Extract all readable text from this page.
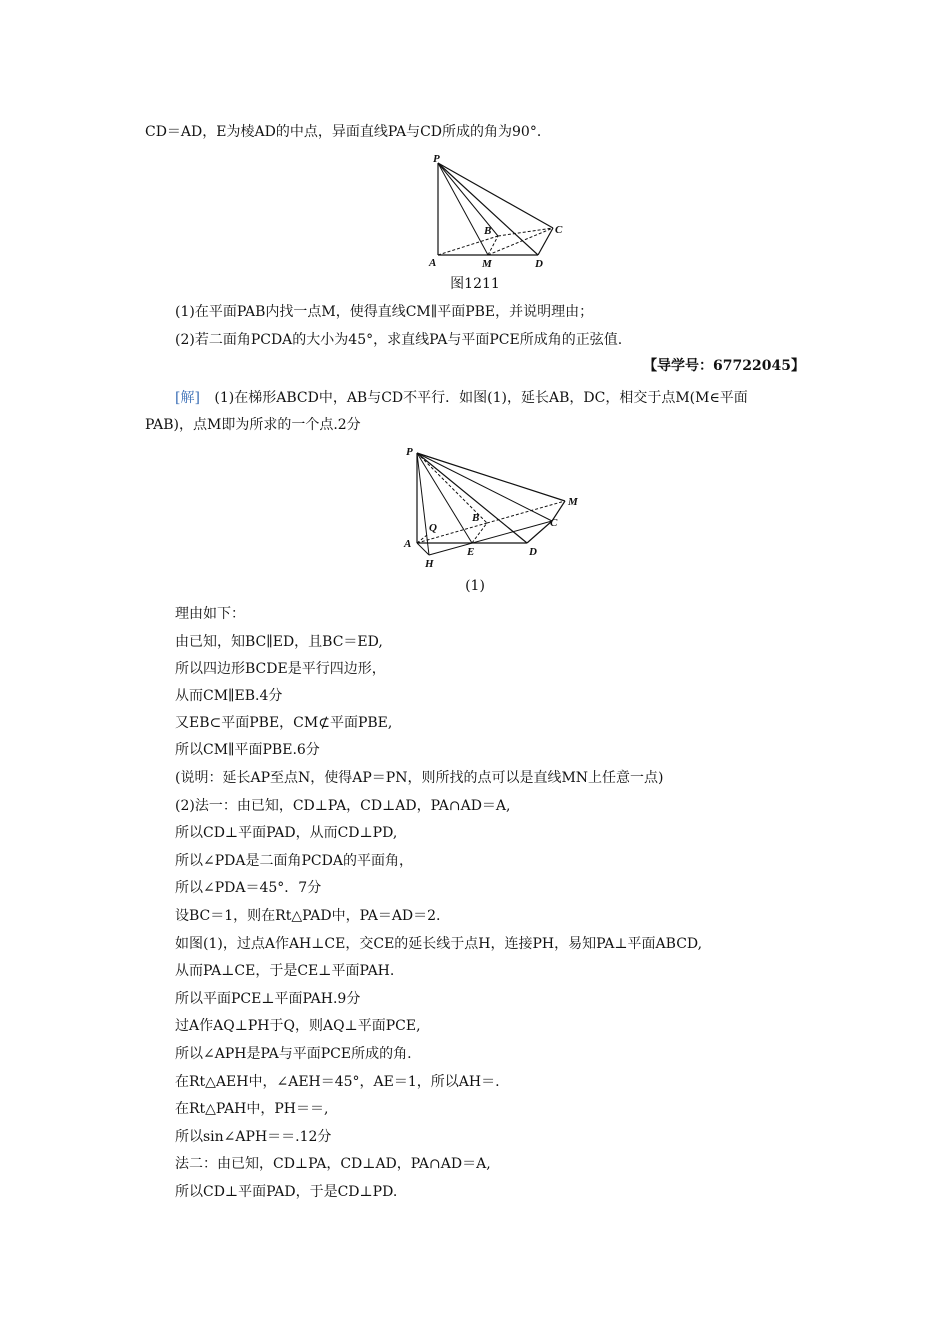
CD＝AD，E为棱AD的中点，异面直线PA与CD所成的角为90°．
P
B	C
A	M	D
图1211
(1)在平面PAB内找一点M，使得直线CM∥平面PBE，并说明理由；
(2)若二面角PCDA的大小为45°，求直线PA与平面PCE所成角的正弦值.
【导学号：67722045】
[解] (1)在梯形ABCD中，AB与CD不平行．如图(1)，延长AB，DC，相交于点M(M∈平面
PAB)，点M即为所求的一个点.2分
P
M
B	C
Q
A
E	D
H
(1)
理由如下：
由已知，知BC∥ED，且BC＝ED,
所以四边形BCDE是平行四边形，
从而CM∥EB.4分
又EB⊂平面PBE，CM⊄平面PBE,
所以CM∥平面PBE.6分
(说明：延长AP至点N，使得AP＝PN，则所找的点可以是直线MN上任意一点)
(2)法一：由已知，CD⊥PA，CD⊥AD，PA∩AD＝A,
所以CD⊥平面PAD，从而CD⊥PD,
所以∠PDA是二面角PCDA的平面角，
所以∠PDA＝45°．7分
设BC＝1，则在Rt△PAD中，PA＝AD＝2.
如图(1)，过点A作AH⊥CE，交CE的延长线于点H，连接PH，易知PA⊥平面ABCD,
从而PA⊥CE，于是CE⊥平面PAH.
所以平面PCE⊥平面PAH.9分
过A作AQ⊥PH于Q，则AQ⊥平面PCE,
所以∠APH是PA与平面PCE所成的角.
在Rt△AEH中，∠AEH＝45°，AE＝1，所以AH＝.
在Rt△PAH中，PH＝＝,
所以sin∠APH＝＝.12分
法二：由已知，CD⊥PA，CD⊥AD，PA∩AD＝A,
所以CD⊥平面PAD，于是CD⊥PD.
